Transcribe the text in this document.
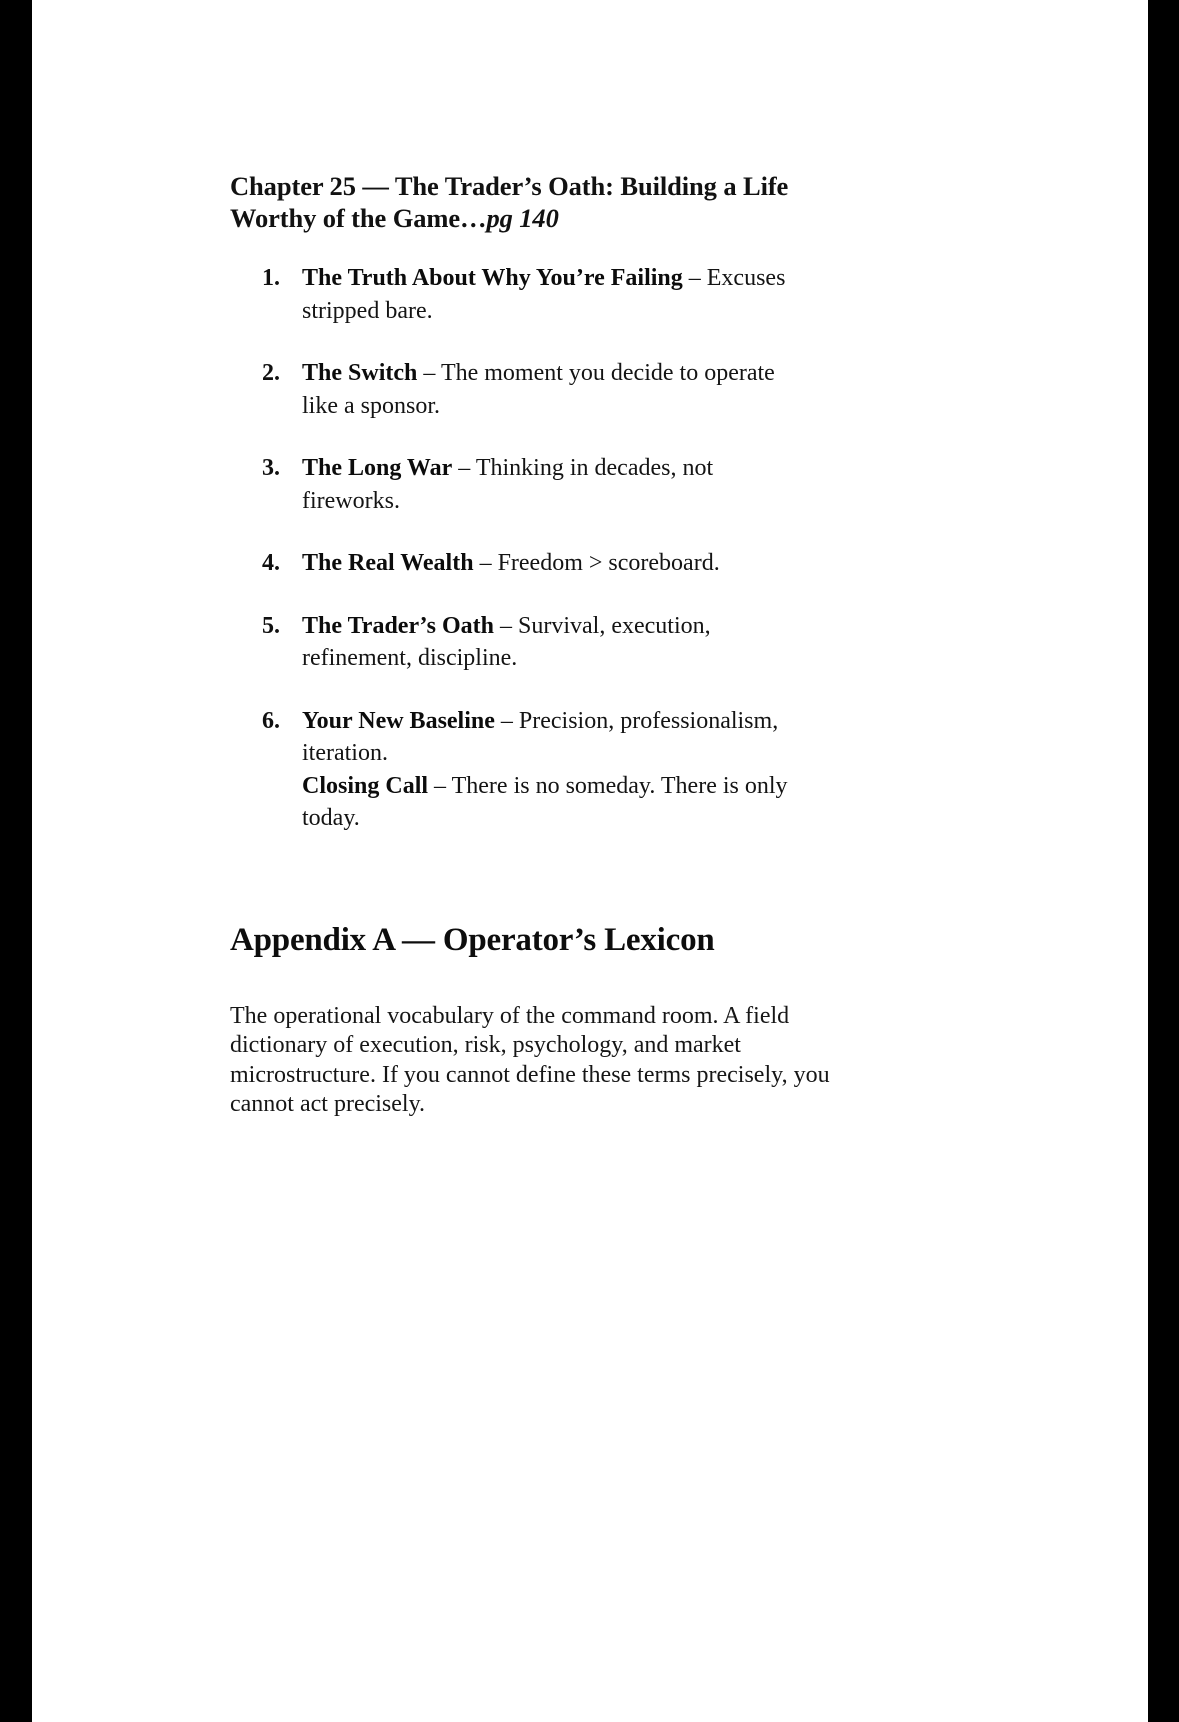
Chapter 25 — The Trader’s Oath: Building a Life Worthy of the Game…pg 140
1. The Truth About Why You’re Failing – Excuses stripped bare.
2. The Switch – The moment you decide to operate like a sponsor.
3. The Long War – Thinking in decades, not fireworks.
4. The Real Wealth – Freedom > scoreboard.
5. The Trader’s Oath – Survival, execution, refinement, discipline.
6. Your New Baseline – Precision, professionalism, iteration.
Closing Call – There is no someday. There is only today.
Appendix A — Operator’s Lexicon

The operational vocabulary of the command room. A field dictionary of execution, risk, psychology, and market microstructure. If you cannot define these terms precisely, you cannot act precisely.
